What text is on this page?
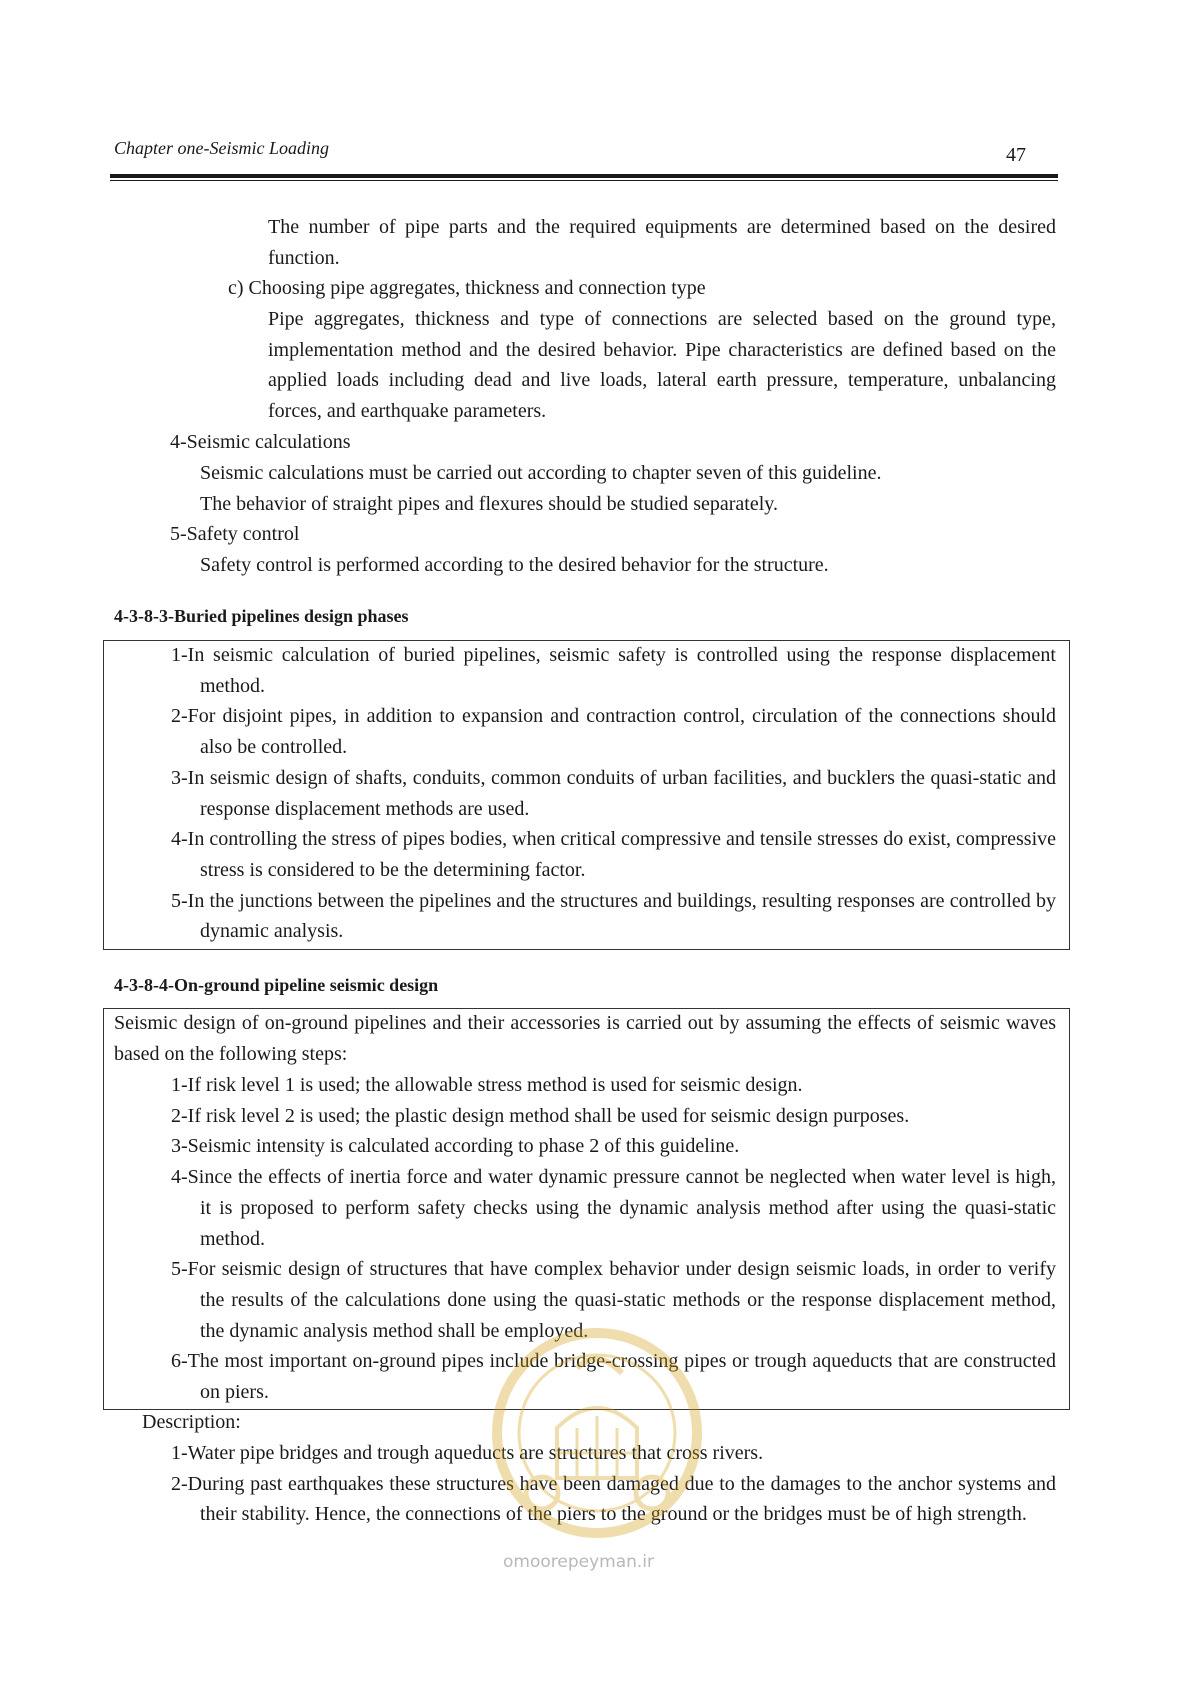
Chapter one-Seismic Loading	47

The number of pipe parts and the required equipments are determined based on the desired function.

c) Choosing pipe aggregates, thickness and connection type

Pipe aggregates, thickness and type of connections are selected based on the ground type, implementation method and the desired behavior. Pipe characteristics are defined based on the applied loads including dead and live loads, lateral earth pressure, temperature, unbalancing forces, and earthquake parameters.

4-Seismic calculations

Seismic calculations must be carried out according to chapter seven of this guideline.

The behavior of straight pipes and flexures should be studied separately.

5-Safety control

Safety control is performed according to the desired behavior for the structure.

4-3-8-3-Buried pipelines design phases

1-In seismic calculation of buried pipelines, seismic safety is controlled using the response displacement method.

2-For disjoint pipes, in addition to expansion and contraction control, circulation of the connections should also be controlled.

3-In seismic design of shafts, conduits, common conduits of urban facilities, and bucklers the quasi-static and response displacement methods are used.

4-In controlling the stress of pipes bodies, when critical compressive and tensile stresses do exist, compressive stress is considered to be the determining factor.

5-In the junctions between the pipelines and the structures and buildings, resulting responses are controlled by dynamic analysis.

4-3-8-4-On-ground pipeline seismic design

Seismic design of on-ground pipelines and their accessories is carried out by assuming the effects of seismic waves based on the following steps:

1-If risk level 1 is used; the allowable stress method is used for seismic design.

2-If risk level 2 is used; the plastic design method shall be used for seismic design purposes.

3-Seismic intensity is calculated according to phase 2 of this guideline.

4-Since the effects of inertia force and water dynamic pressure cannot be neglected when water level is high, it is proposed to perform safety checks using the dynamic analysis method after using the quasi-static method.

5-For seismic design of structures that have complex behavior under design seismic loads, in order to verify the results of the calculations done using the quasi-static methods or the response displacement method, the dynamic analysis method shall be employed.

6-The most important on-ground pipes include bridge-crossing pipes or trough aqueducts that are constructed on piers.

Description:

1-Water pipe bridges and trough aqueducts are structures that cross rivers.

2-During past earthquakes these structures have been damaged due to the damages to the anchor systems and their stability. Hence, the connections of the piers to the ground or the bridges must be of high strength.

omoorepeyman.ir
